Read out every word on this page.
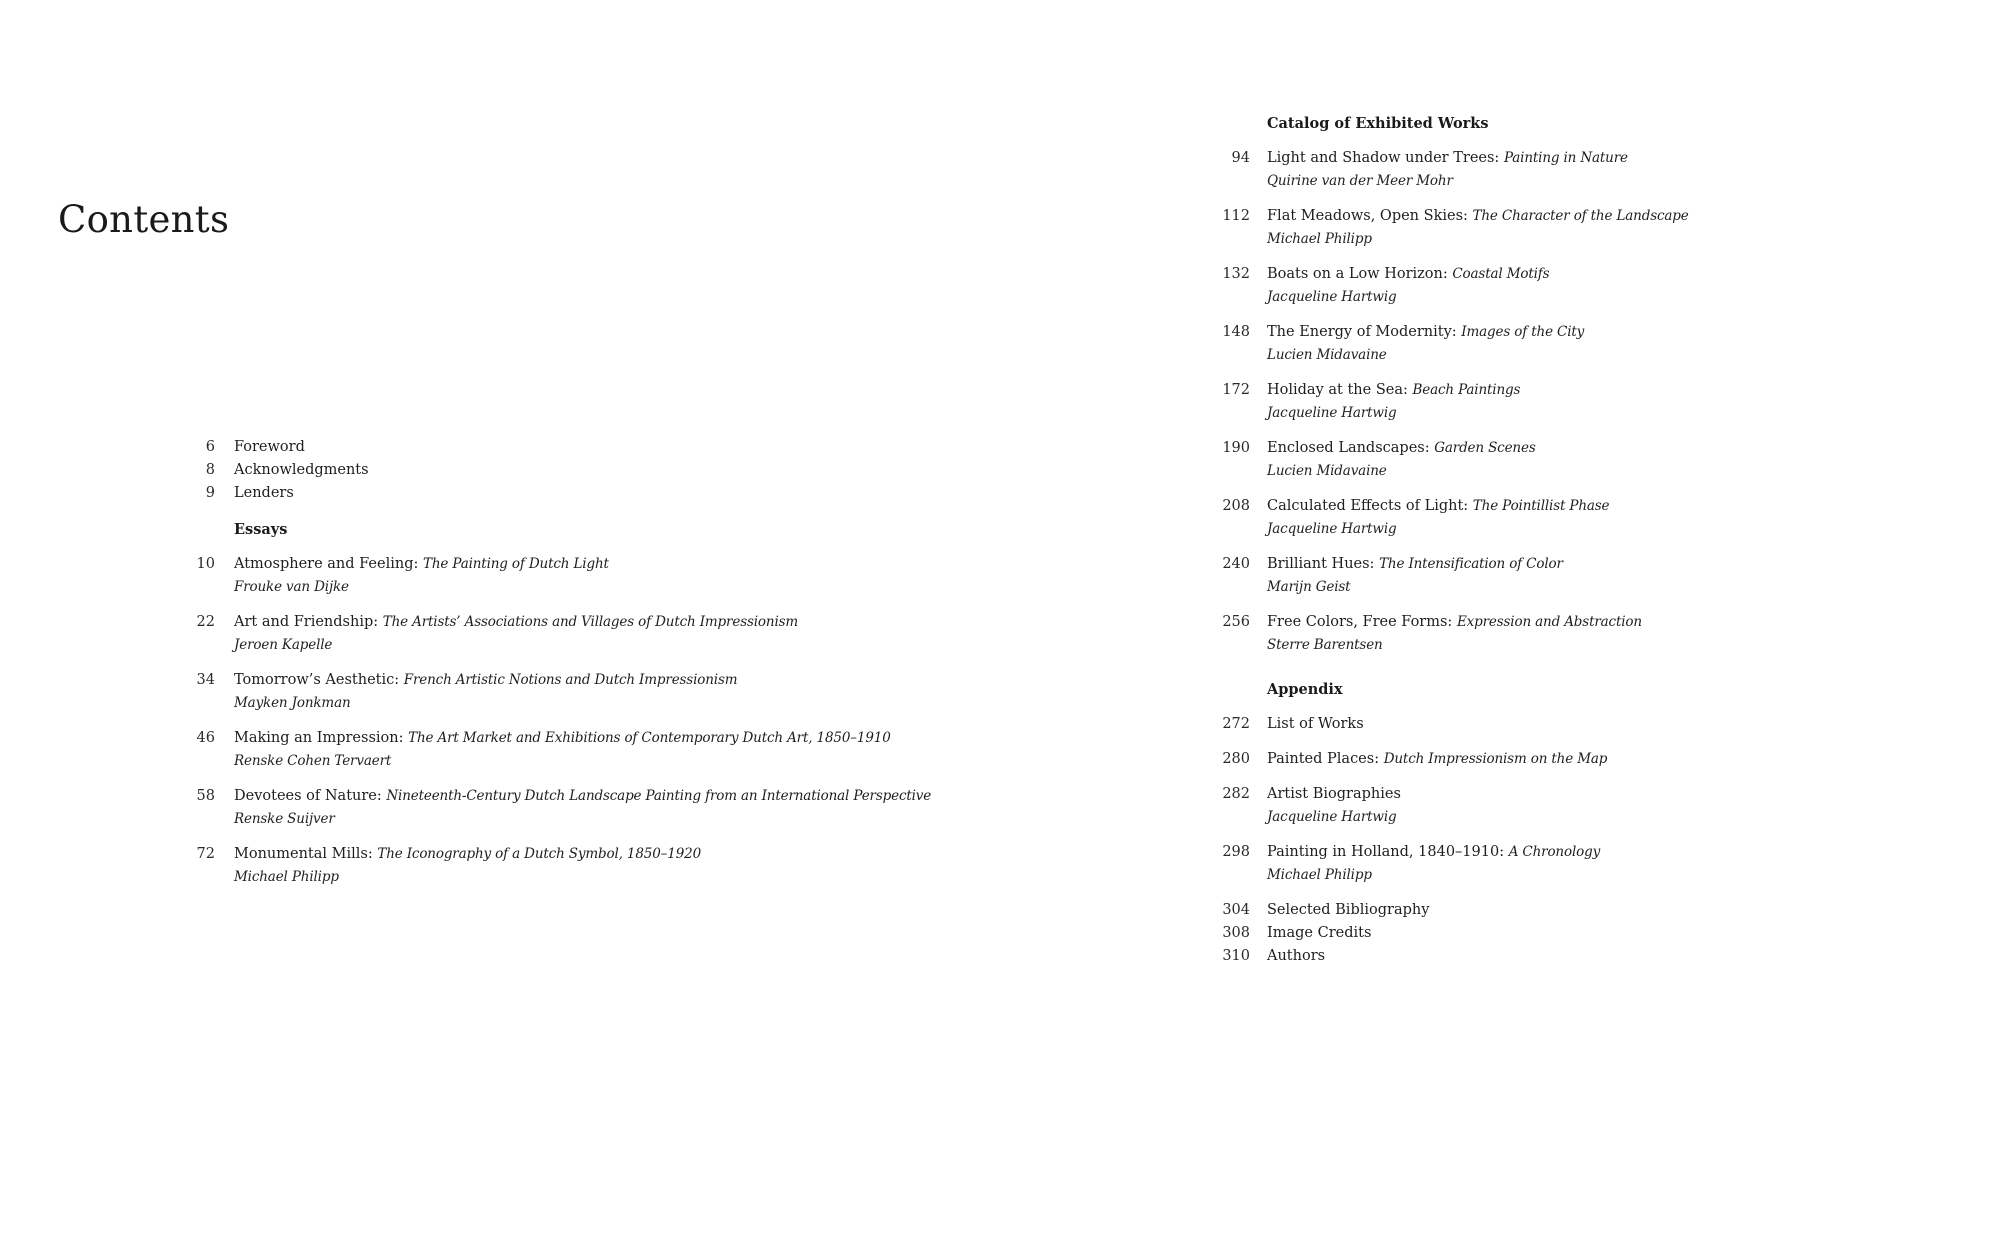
Contents
6 Foreword
8 Acknowledgments
9 Lenders
Essays
10 Atmosphere and Feeling: The Painting of Dutch Light
Frouke van Dijke
22 Art and Friendship: The Artists’ Associations and Villages of Dutch Impressionism
Jeroen Kapelle
34 Tomorrow’s Aesthetic: French Artistic Notions and Dutch Impressionism
Mayken Jonkman
46 Making an Impression: The Art Market and Exhibitions of Contemporary Dutch Art, 1850–1910
Renske Cohen Tervaert
58 Devotees of Nature: Nineteenth-Century Dutch Landscape Painting from an International Perspective
Renske Suijver
72 Monumental Mills: The Iconography of a Dutch Symbol, 1850–1920
Michael Philipp
Catalog of Exhibited Works
94 Light and Shadow under Trees: Painting in Nature
Quirine van der Meer Mohr
112 Flat Meadows, Open Skies: The Character of the Landscape
Michael Philipp
132 Boats on a Low Horizon: Coastal Motifs
Jacqueline Hartwig
148 The Energy of Modernity: Images of the City
Lucien Midavaine
172 Holiday at the Sea: Beach Paintings
Jacqueline Hartwig
190 Enclosed Landscapes: Garden Scenes
Lucien Midavaine
208 Calculated Effects of Light: The Pointillist Phase
Jacqueline Hartwig
240 Brilliant Hues: The Intensification of Color
Marijn Geist
256 Free Colors, Free Forms: Expression and Abstraction
Sterre Barentsen
Appendix
272 List of Works
280 Painted Places: Dutch Impressionism on the Map
282 Artist Biographies
Jacqueline Hartwig
298 Painting in Holland, 1840–1910: A Chronology
Michael Philipp
304 Selected Bibliography
308 Image Credits
310 Authors
